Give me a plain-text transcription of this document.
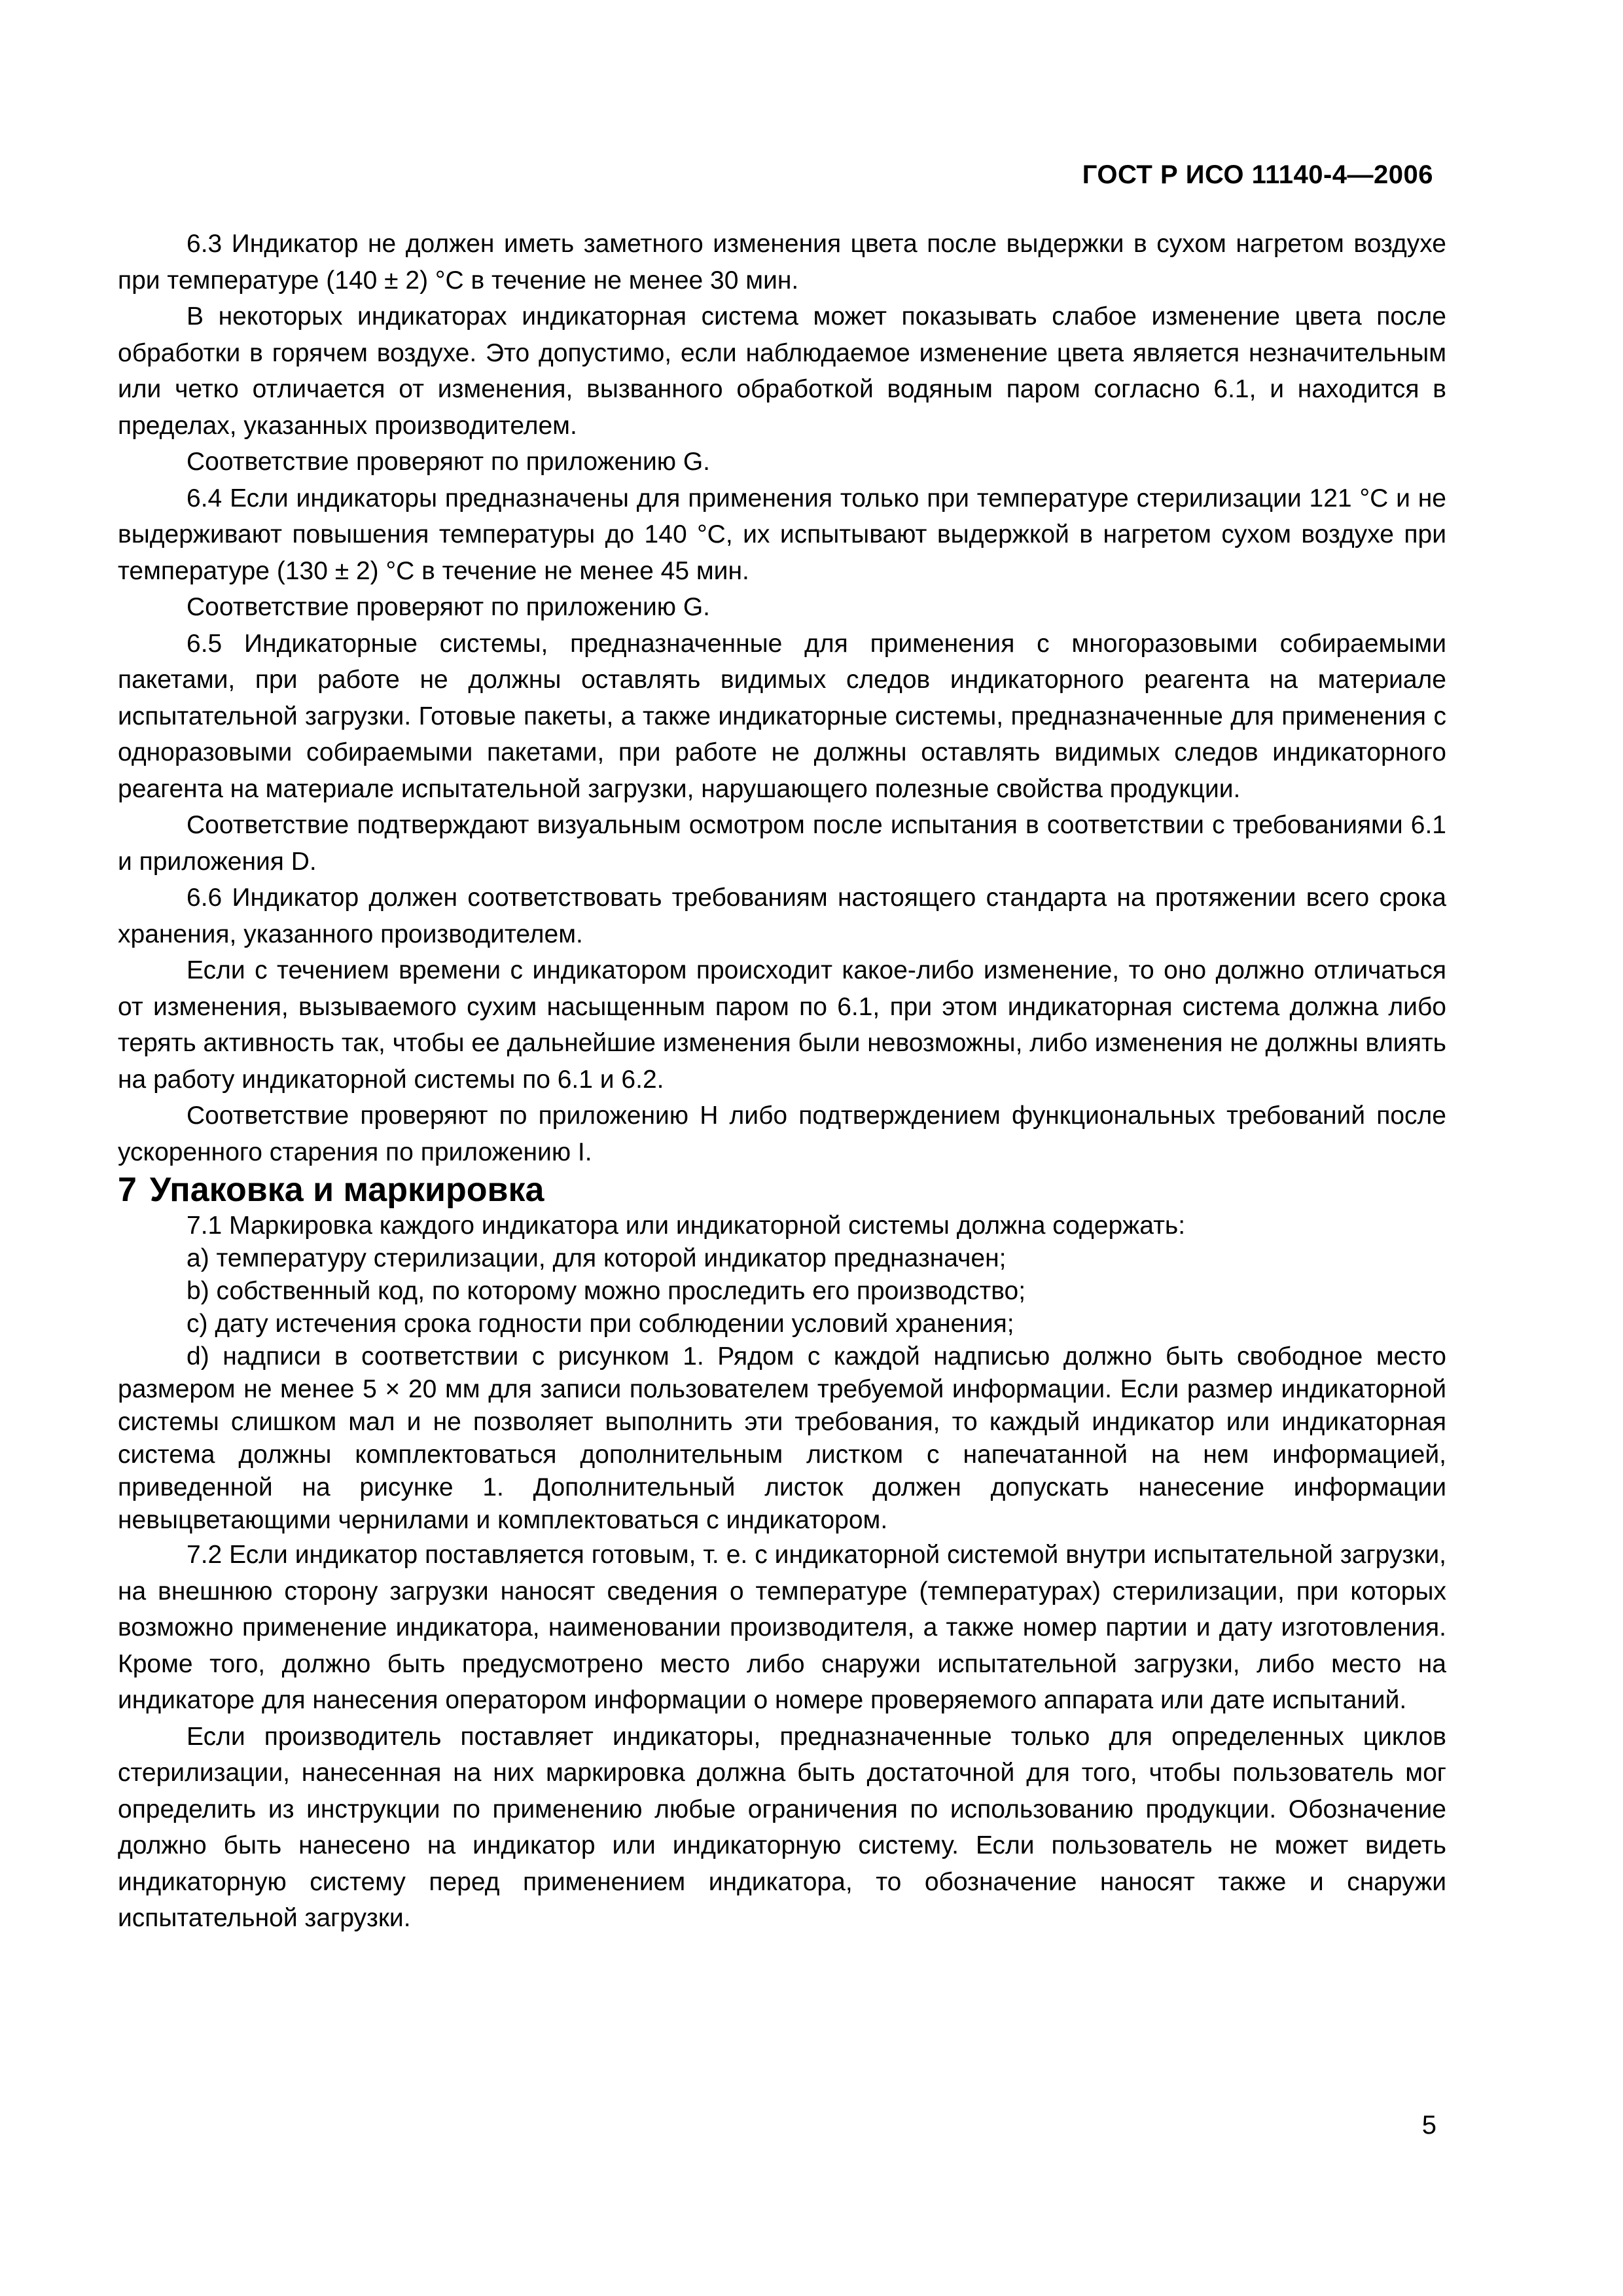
ГОСТ Р ИСО 11140-4—2006

6.3 Индикатор не должен иметь заметного изменения цвета после выдержки в сухом нагретом воздухе при температуре (140 ± 2) °С в течение не менее 30 мин.

В некоторых индикаторах индикаторная система может показывать слабое изменение цвета после обработки в горячем воздухе. Это допустимо, если наблюдаемое изменение цвета является незначительным или четко отличается от изменения, вызванного обработкой водяным паром согласно 6.1, и находится в пределах, указанных производителем.

Соответствие проверяют по приложению G.

6.4 Если индикаторы предназначены для применения только при температуре стерилизации 121 °С и не выдерживают повышения температуры до 140 °С, их испытывают выдержкой в нагретом сухом воздухе при температуре (130 ± 2) °С в течение не менее 45 мин.

Соответствие проверяют по приложению G.

6.5 Индикаторные системы, предназначенные для применения с многоразовыми собираемыми пакетами, при работе не должны оставлять видимых следов индикаторного реагента на материале испытательной загрузки. Готовые пакеты, а также индикаторные системы, предназначенные для применения с одноразовыми собираемыми пакетами, при работе не должны оставлять видимых следов индикаторного реагента на материале испытательной загрузки, нарушающего полезные свойства продукции.

Соответствие подтверждают визуальным осмотром после испытания в соответствии с требованиями 6.1 и приложения D.

6.6 Индикатор должен соответствовать требованиям настоящего стандарта на протяжении всего срока хранения, указанного производителем.

Если с течением времени с индикатором происходит какое-либо изменение, то оно должно отличаться от изменения, вызываемого сухим насыщенным паром по 6.1, при этом индикаторная система должна либо терять активность так, чтобы ее дальнейшие изменения были невозможны, либо изменения не должны влиять на работу индикаторной системы по 6.1 и 6.2.

Соответствие проверяют по приложению Н либо подтверждением функциональных требований после ускоренного старения по приложению I.

7 Упаковка и маркировка

7.1 Маркировка каждого индикатора или индикаторной системы должна содержать:

a) температуру стерилизации, для которой индикатор предназначен;

b) собственный код, по которому можно проследить его производство;

c) дату истечения срока годности при соблюдении условий хранения;

d) надписи в соответствии с рисунком 1. Рядом с каждой надписью должно быть свободное место размером не менее 5 × 20 мм для записи пользователем требуемой информации. Если размер индикаторной системы слишком мал и не позволяет выполнить эти требования, то каждый индикатор или индикаторная система должны комплектоваться дополнительным листком с напечатанной на нем информацией, приведенной на рисунке 1. Дополнительный листок должен допускать нанесение информации невыцветающими чернилами и комплектоваться с индикатором.

7.2 Если индикатор поставляется готовым, т. е. с индикаторной системой внутри испытательной загрузки, на внешнюю сторону загрузки наносят сведения о температуре (температурах) стерилизации, при которых возможно применение индикатора, наименовании производителя, а также номер партии и дату изготовления. Кроме того, должно быть предусмотрено место либо снаружи испытательной загрузки, либо место на индикаторе для нанесения оператором информации о номере проверяемого аппарата или дате испытаний.

Если производитель поставляет индикаторы, предназначенные только для определенных циклов стерилизации, нанесенная на них маркировка должна быть достаточной для того, чтобы пользователь мог определить из инструкции по применению любые ограничения по использованию продукции. Обозначение должно быть нанесено на индикатор или индикаторную систему. Если пользователь не может видеть индикаторную систему перед применением индикатора, то обозначение наносят также и снаружи испытательной загрузки.

5
